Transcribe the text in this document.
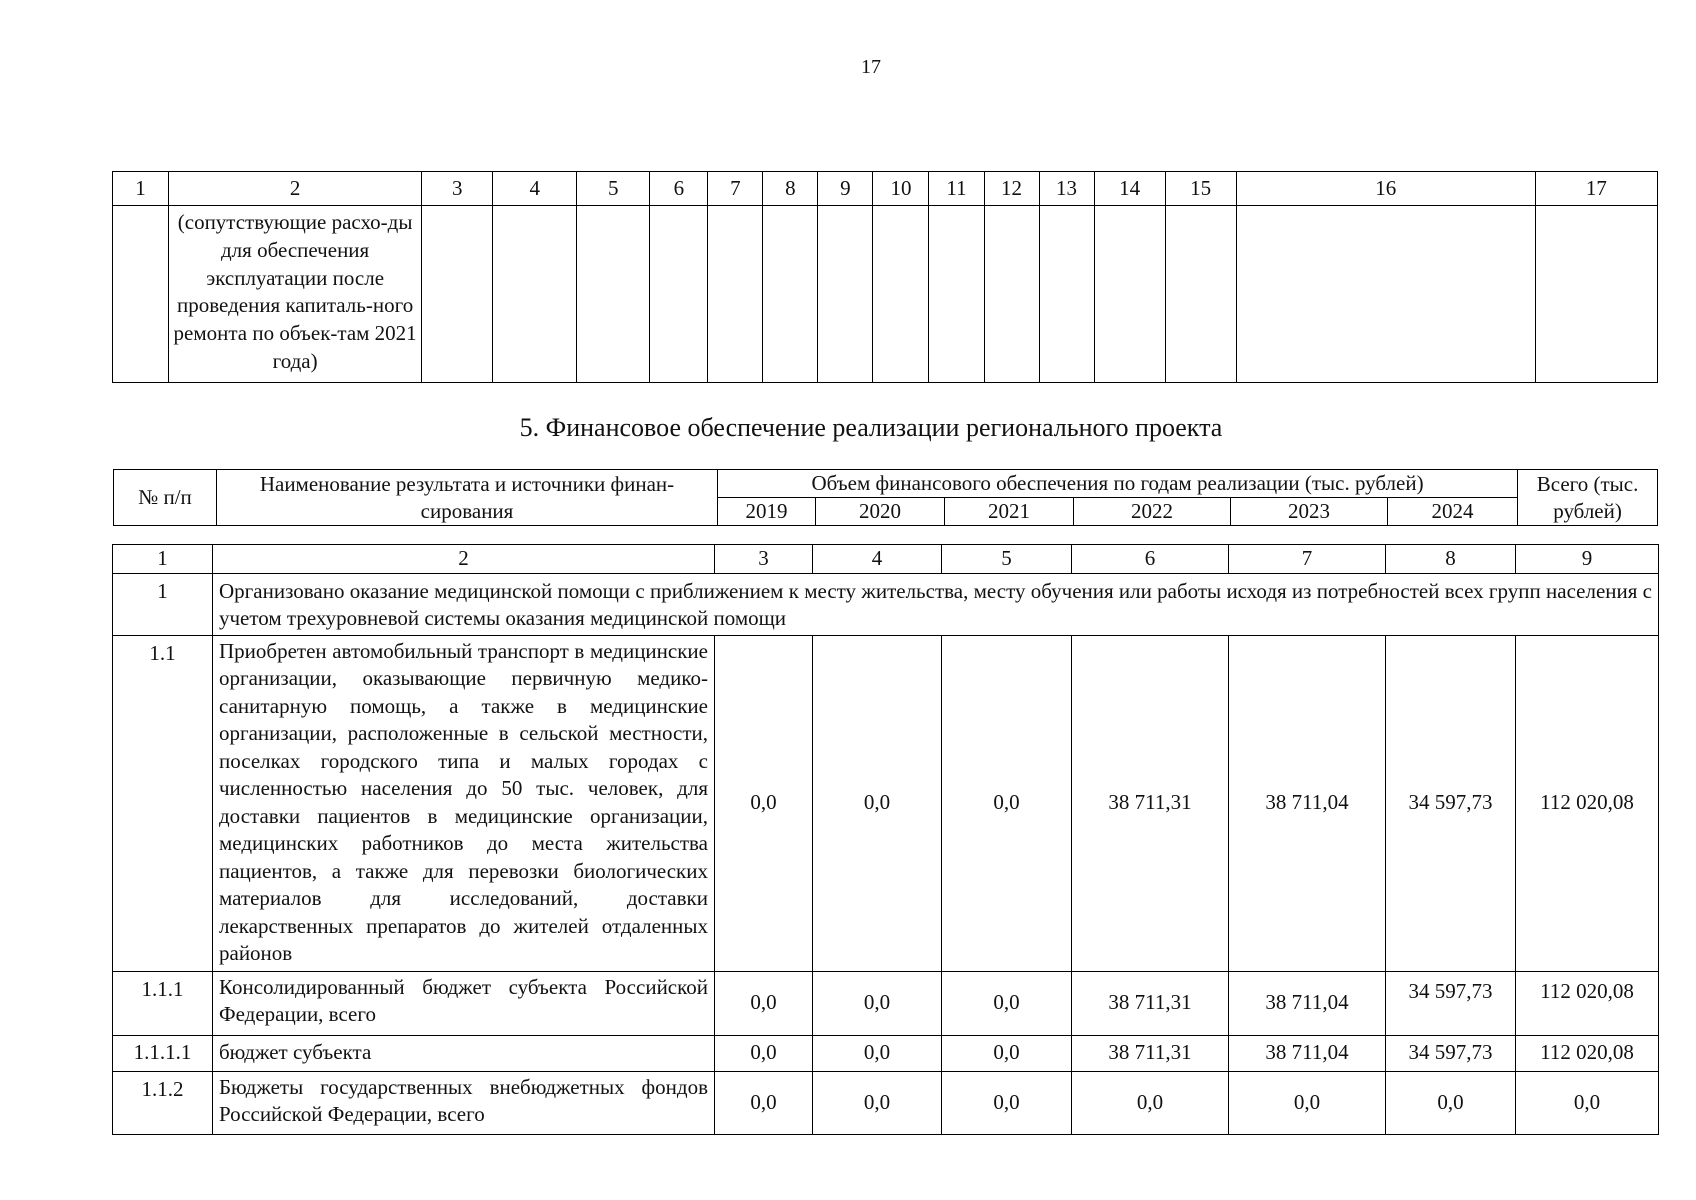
17
1	2	3	4	5	6	7	8	9	10	11	12	13	14	15	16	17
	(сопутствующие расхо-ды для обеспечения эксплуатации после проведения капиталь-ного ремонта по объек-там 2021 года)															
5. Финансовое обеспечение реализации регионального проекта
№ п/п	Наименование результата и источники финан-сирования	Объем финансового обеспечения по годам реализации (тыс. рублей)						Всего (тыс. рублей)
		2019	2020	2021	2022	2023	2024	
1	2	3	4	5	6	7	8	9
1	Организовано оказание медицинской помощи с приближением к месту жительства, месту обучения или работы исходя из потребностей всех групп населения с учетом трехуровневой системы оказания медицинской помощи							
1.1	Приобретен автомобильный транспорт в медицинские организации, оказывающие первичную медико-санитарную помощь, а также в медицинские организации, расположенные в сельской местности, поселках городского типа и малых городах с численностью населения до 50 тыс. человек, для доставки пациентов в медицинские организации, медицинских работников до места жительства пациентов, а также для перевозки биологических материалов для исследований, доставки лекарственных препаратов до жителей отдаленных районов	0,0	0,0	0,0	38 711,31	38 711,04	34 597,73	112 020,08
1.1.1	Консолидированный бюджет субъекта Российской Федерации, всего	0,0	0,0	0,0	38 711,31	38 711,04	34 597,73	112 020,08
1.1.1.1	бюджет субъекта	0,0	0,0	0,0	38 711,31	38 711,04	34 597,73	112 020,08
1.1.2	Бюджеты государственных внебюджетных фондов Российской Федерации, всего	0,0	0,0	0,0	0,0	0,0	0,0	0,0
